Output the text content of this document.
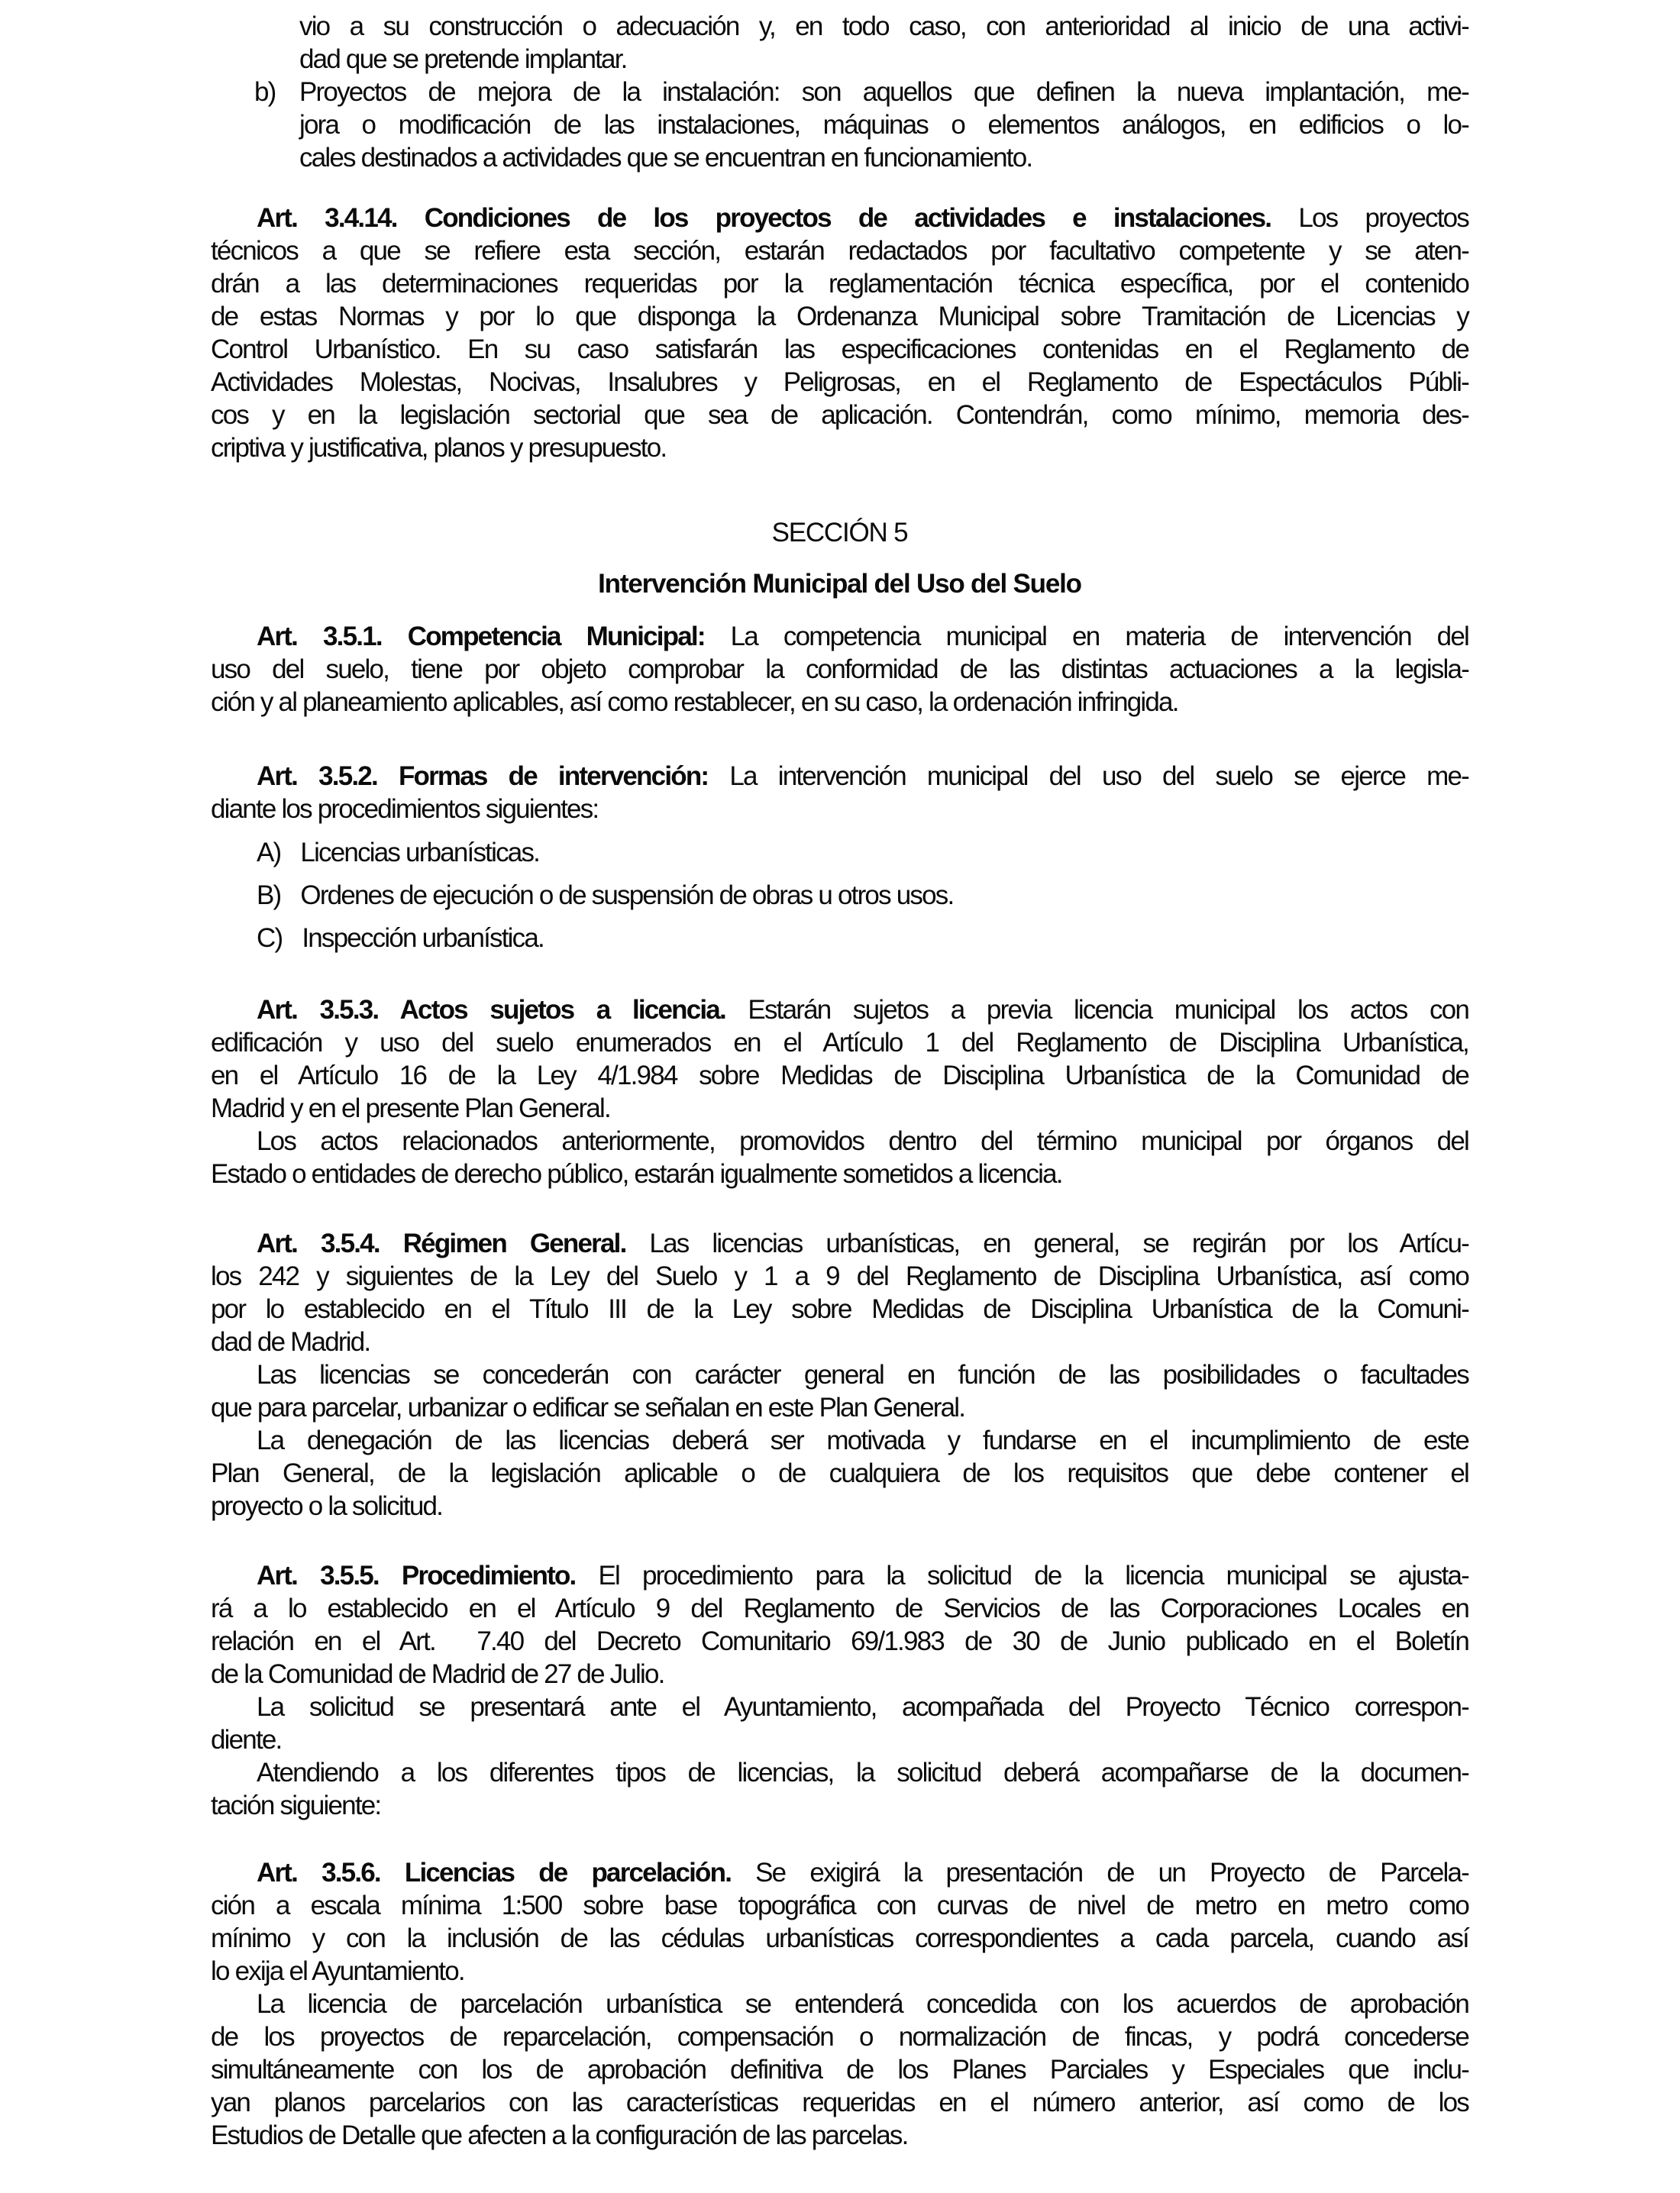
vio a su construcción o adecuación y, en todo caso, con anterioridad al inicio de una activi-
dad que se pretende implantar.
b) Proyectos de mejora de la instalación: son aquellos que definen la nueva implantación, me-
jora o modificación de las instalaciones, máquinas o elementos análogos, en edificios o lo-
cales destinados a actividades que se encuentran en funcionamiento.
Art. 3.4.14. Condiciones de los proyectos de actividades e instalaciones. Los proyectos
técnicos a que se refiere esta sección, estarán redactados por facultativo competente y se aten-
drán a las determinaciones requeridas por la reglamentación técnica específica, por el contenido
de estas Normas y por lo que disponga la Ordenanza Municipal sobre Tramitación de Licencias y
Control Urbanístico. En su caso satisfarán las especificaciones contenidas en el Reglamento de
Actividades Molestas, Nocivas, Insalubres y Peligrosas, en el Reglamento de Espectáculos Públi-
cos y en la legislación sectorial que sea de aplicación. Contendrán, como mínimo, memoria des-
criptiva y justificativa, planos y presupuesto.
SECCIÓN 5
Intervención Municipal del Uso del Suelo
Art. 3.5.1. Competencia Municipal: La competencia municipal en materia de intervención del
uso del suelo, tiene por objeto comprobar la conformidad de las distintas actuaciones a la legisla-
ción y al planeamiento aplicables, así como restablecer, en su caso, la ordenación infringida.
Art. 3.5.2. Formas de intervención: La intervención municipal del uso del suelo se ejerce me-
diante los procedimientos siguientes:
A) Licencias urbanísticas.
B) Ordenes de ejecución o de suspensión de obras u otros usos.
C) Inspección urbanística.
Art. 3.5.3. Actos sujetos a licencia. Estarán sujetos a previa licencia municipal los actos con
edificación y uso del suelo enumerados en el Artículo 1 del Reglamento de Disciplina Urbanística,
en el Artículo 16 de la Ley 4/1.984 sobre Medidas de Disciplina Urbanística de la Comunidad de
Madrid y en el presente Plan General.
Los actos relacionados anteriormente, promovidos dentro del término municipal por órganos del
Estado o entidades de derecho público, estarán igualmente sometidos a licencia.
Art. 3.5.4. Régimen General. Las licencias urbanísticas, en general, se regirán por los Artícu-
los 242 y siguientes de la Ley del Suelo y 1 a 9 del Reglamento de Disciplina Urbanística, así como
por lo establecido en el Título III de la Ley sobre Medidas de Disciplina Urbanística de la Comuni-
dad de Madrid.
Las licencias se concederán con carácter general en función de las posibilidades o facultades
que para parcelar, urbanizar o edificar se señalan en este Plan General.
La denegación de las licencias deberá ser motivada y fundarse en el incumplimiento de este
Plan General, de la legislación aplicable o de cualquiera de los requisitos que debe contener el
proyecto o la solicitud.
Art. 3.5.5. Procedimiento. El procedimiento para la solicitud de la licencia municipal se ajusta-
rá a lo establecido en el Artículo 9 del Reglamento de Servicios de las Corporaciones Locales en
relación en el Art.  7.40 del Decreto Comunitario 69/1.983 de 30 de Junio publicado en el Boletín
de la Comunidad de Madrid de 27 de Julio.
La solicitud se presentará ante el Ayuntamiento, acompañada del Proyecto Técnico correspon-
diente.
Atendiendo a los diferentes tipos de licencias, la solicitud deberá acompañarse de la documen-
tación siguiente:
Art. 3.5.6. Licencias de parcelación. Se exigirá la presentación de un Proyecto de Parcela-
ción a escala mínima 1:500 sobre base topográfica con curvas de nivel de metro en metro como
mínimo y con la inclusión de las cédulas urbanísticas correspondientes a cada parcela, cuando así
lo exija el Ayuntamiento.
La licencia de parcelación urbanística se entenderá concedida con los acuerdos de aprobación
de los proyectos de reparcelación, compensación o normalización de fincas, y podrá concederse
simultáneamente con los de aprobación definitiva de los Planes Parciales y Especiales que inclu-
yan planos parcelarios con las características requeridas en el número anterior, así como de los
Estudios de Detalle que afecten a la configuración de las parcelas.
